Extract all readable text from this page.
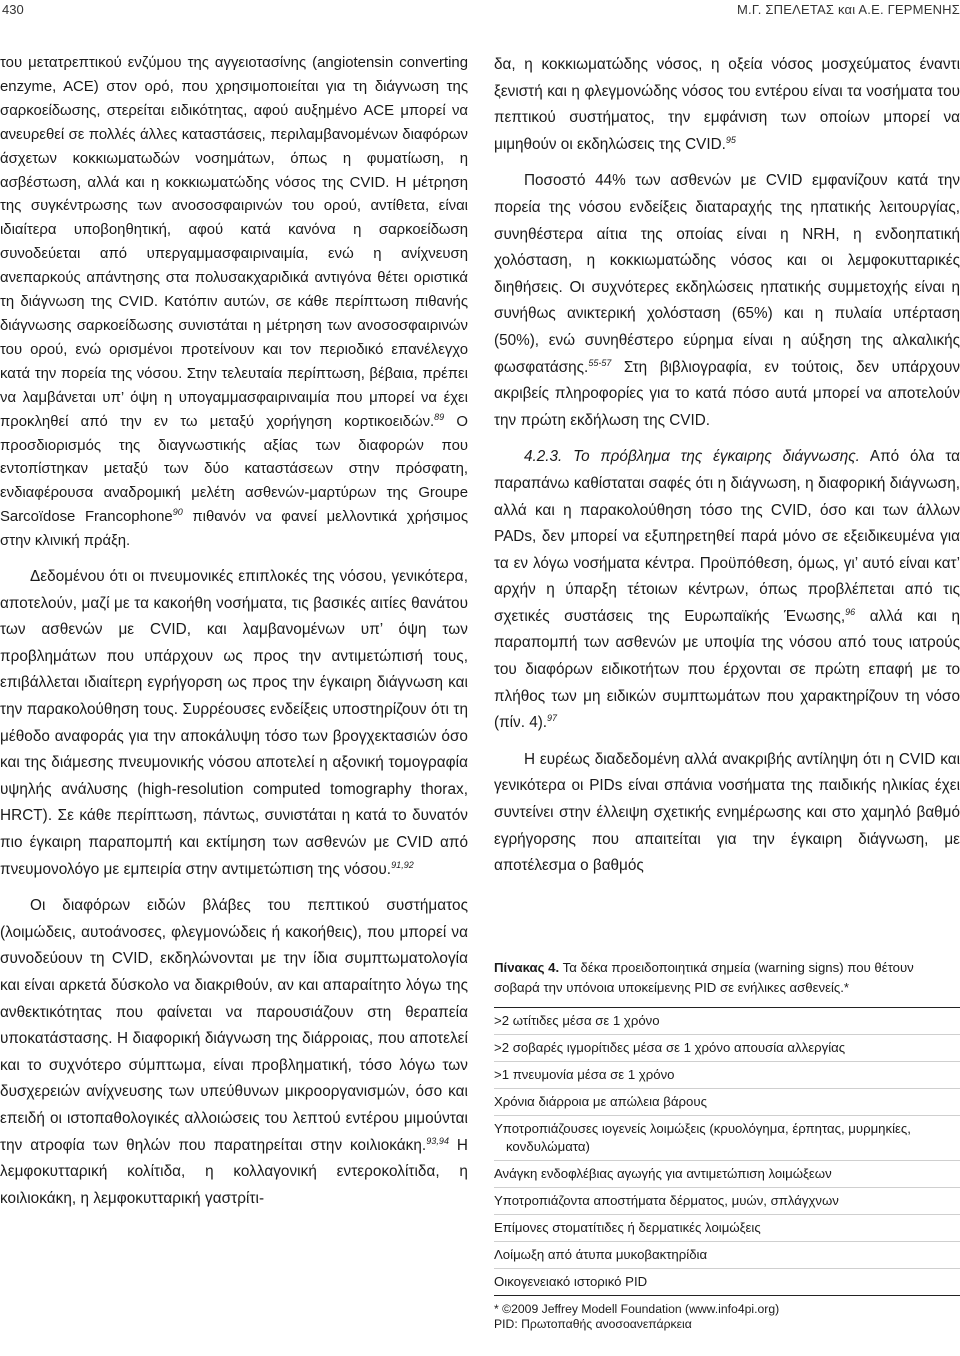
430	Μ.Γ. ΣΠΕΛΕΤΑΣ και Α.Ε. ΓΕΡΜΕΝΗΣ

του μετατρεπτικού ενζύμου της αγγειοτασίνης (angiotensin converting enzyme, ACE) στον ορό, που χρησιμοποιείται για τη διάγνωση της σαρκοείδωσης, στερείται ειδικότητας, αφού αυξημένο ACE μπορεί να ανευρεθεί σε πολλές άλλες καταστάσεις, περιλαμβανομένων διαφόρων άσχετων κοκκιωματωδών νοσημάτων, όπως η φυματίωση, η ασβέστωση, αλλά και η κοκκιωματώδης νόσος της CVID. Η μέτρηση της συγκέντρωσης των ανοσοσφαιρινών του ορού, αντίθετα, είναι ιδιαίτερα υποβοηθητική, αφού κατά κανόνα η σαρκοείδωση συνοδεύεται από υπεργαμμασφαιριναιμία, ενώ η ανίχνευση ανεπαρκούς απάντησης στα πολυσακχαριδικά αντιγόνα θέτει οριστικά τη διάγνωση της CVID. Κατόπιν αυτών, σε κάθε περίπτωση πιθανής διάγνωσης σαρκοείδωσης συνιστάται η μέτρηση των ανοσοσφαιρινών του ορού, ενώ ορισμένοι προτείνουν και τον περιοδικό επανέλεγχο κατά την πορεία της νόσου. Στην τελευταία περίπτωση, βέβαια, πρέπει να λαμβάνεται υπ’ όψη η υπογαμμασφαιριναιμία που μπορεί να έχει προκληθεί από την εν τω μεταξύ χορήγηση κορτικοειδών.$^{89}$ Ο προσδιορισμός της διαγνωστικής αξίας των διαφορών που εντοπίστηκαν μεταξύ των δύο καταστάσεων στην πρόσφατη, ενδιαφέρουσα αναδρομική μελέτη ασθενών-μαρτύρων της Groupe Sarcoïdose Francophone$^{90}$ πιθανόν να φανεί μελλοντικά χρήσιμος στην κλινική πράξη.

Δεδομένου ότι οι πνευμονικές επιπλοκές της νόσου, γενικότερα, αποτελούν, μαζί με τα κακοήθη νοσήματα, τις βασικές αιτίες θανάτου των ασθενών με CVID, και λαμβανομένων υπ’ όψη των προβλημάτων που υπάρχουν ως προς την αντιμετώπισή τους, επιβάλλεται ιδιαίτερη εγρήγορση ως προς την έγκαιρη διάγνωση και την παρακολούθηση τους. Συρρέουσες ενδείξεις υποστηρίζουν ότι τη μέθοδο αναφοράς για την αποκάλυψη τόσο των βρογχεκτασιών όσο και της διάμεσης πνευμονικής νόσου αποτελεί η αξονική τομογραφία υψηλής ανάλυσης (high-resolution computed tomography thorax, HRCT). Σε κάθε περίπτωση, πάντως, συνιστάται η κατά το δυνατόν πιο έγκαιρη παραπομπή και εκτίμηση των ασθενών με CVID από πνευμονολόγο με εμπειρία στην αντιμετώπιση της νόσου.$^{91,92}$

Οι διαφόρων ειδών βλάβες του πεπτικού συστήματος (λοιμώδεις, αυτοάνοσες, φλεγμονώδεις ή κακοήθεις), που μπορεί να συνοδεύουν τη CVID, εκδηλώνονται με την ίδια συμπτωματολογία και είναι αρκετά δύσκολο να διακριθούν, αν και απαραίτητο λόγω της ανθεκτικότητας που φαίνεται να παρουσιάζουν στη θεραπεία υποκατάστασης. Η διαφορική διάγνωση της διάρροιας, που αποτελεί και το συχνότερο σύμπτωμα, είναι προβληματική, τόσο λόγω των δυσχερειών ανίχνευσης των υπεύθυνων μικροοργανισμών, όσο και επειδή οι ιστοπαθολογικές αλλοιώσεις του λεπτού εντέρου μιμούνται την ατροφία των θηλών που παρατηρείται στην κοιλιοκάκη.$^{93,94}$ Η λεμφοκυτταρική κολίτιδα, η κολλαγονική εντεροκολίτιδα, η κοιλιοκάκη, η λεμφοκυτταρική γαστρίτι-

δα, η κοκκιωματώδης νόσος, η οξεία νόσος μοσχεύματος έναντι ξενιστή και η φλεγμονώδης νόσος του εντέρου είναι τα νοσήματα του πεπτικού συστήματος, την εμφάνιση των οποίων μπορεί να μιμηθούν οι εκδηλώσεις της CVID.$^{95}$

Ποσοστό 44% των ασθενών με CVID εμφανίζουν κατά την πορεία της νόσου ενδείξεις διαταραχής της ηπατικής λειτουργίας, συνηθέστερα αίτια της οποίας είναι η NRH, η ενδοηπατική χολόσταση, η κοκκιωματώδης νόσος και οι λεμφοκυτταρικές διηθήσεις. Οι συχνότερες εκδηλώσεις ηπατικής συμμετοχής είναι η συνήθως ανικτερική χολόσταση (65%) και η πυλαία υπέρταση (50%), ενώ συνηθέστερο εύρημα είναι η αύξηση της αλκαλικής φωσφατάσης.$^{55-57}$ Στη βιβλιογραφία, εν τούτοις, δεν υπάρχουν ακριβείς πληροφορίες για το κατά πόσο αυτά μπορεί να αποτελούν την πρώτη εκδήλωση της CVID.

4.2.3. Το πρόβλημα της έγκαιρης διάγνωσης. Από όλα τα παραπάνω καθίσταται σαφές ότι η διάγνωση, η διαφορική διάγνωση, αλλά και η παρακολούθηση τόσο της CVID, όσο και των άλλων PADs, δεν μπορεί να εξυπηρετηθεί παρά μόνο σε εξειδικευμένα για τα εν λόγω νοσήματα κέντρα. Προϋπόθεση, όμως, γι’ αυτό είναι κατ’ αρχήν η ύπαρξη τέτοιων κέντρων, όπως προβλέπεται από τις σχετικές συστάσεις της Ευρωπαϊκής Ένωσης,$^{96}$ αλλά και η παραπομπή των ασθενών με υποψία της νόσου από τους ιατρούς του διαφόρων ειδικοτήτων που έρχονται σε πρώτη επαφή με το πλήθος των μη ειδικών συμπτωμάτων που χαρακτηρίζουν τη νόσο (πίν. 4).$^{97}$

Η ευρέως διαδεδομένη αλλά ανακριβής αντίληψη ότι η CVID και γενικότερα οι PIDs είναι σπάνια νοσήματα της παιδικής ηλικίας έχει συντείνει στην έλλειψη σχετικής ενημέρωσης και στο χαμηλό βαθμό εγρήγορσης που απαιτείται για την έγκαιρη διάγνωση, με αποτέλεσμα ο βαθμός

Πίνακας 4. Τα δέκα προειδοποιητικά σημεία (warning signs) που θέτουν σοβαρά την υπόνοια υποκείμενης PID σε ενήλικες ασθενείς.*

>2 ωτίτιδες μέσα σε 1 χρόνο
>2 σοβαρές ιγμορίτιδες μέσα σε 1 χρόνο απουσία αλλεργίας
>1 πνευμονία μέσα σε 1 χρόνο
Χρόνια διάρροια με απώλεια βάρους
Υποτροπιάζουσες ιογενείς λοιμώξεις (κρυολόγημα, έρπητας, μυρμηκίες,
κονδυλώματα)
Ανάγκη ενδοφλέβιας αγωγής για αντιμετώπιση λοιμώξεων
Υποτροπιάζοντα αποστήματα δέρματος, μυών, σπλάγχνων
Επίμονες στοματίτιδες ή δερματικές λοιμώξεις
Λοίμωξη από άτυπα μυκοβακτηρίδια
Οικογενειακό ιστορικό PID

* ©2009 Jeffrey Modell Foundation (www.info4pi.org)
PID: Πρωτοπαθής ανοσοανεπάρκεια
